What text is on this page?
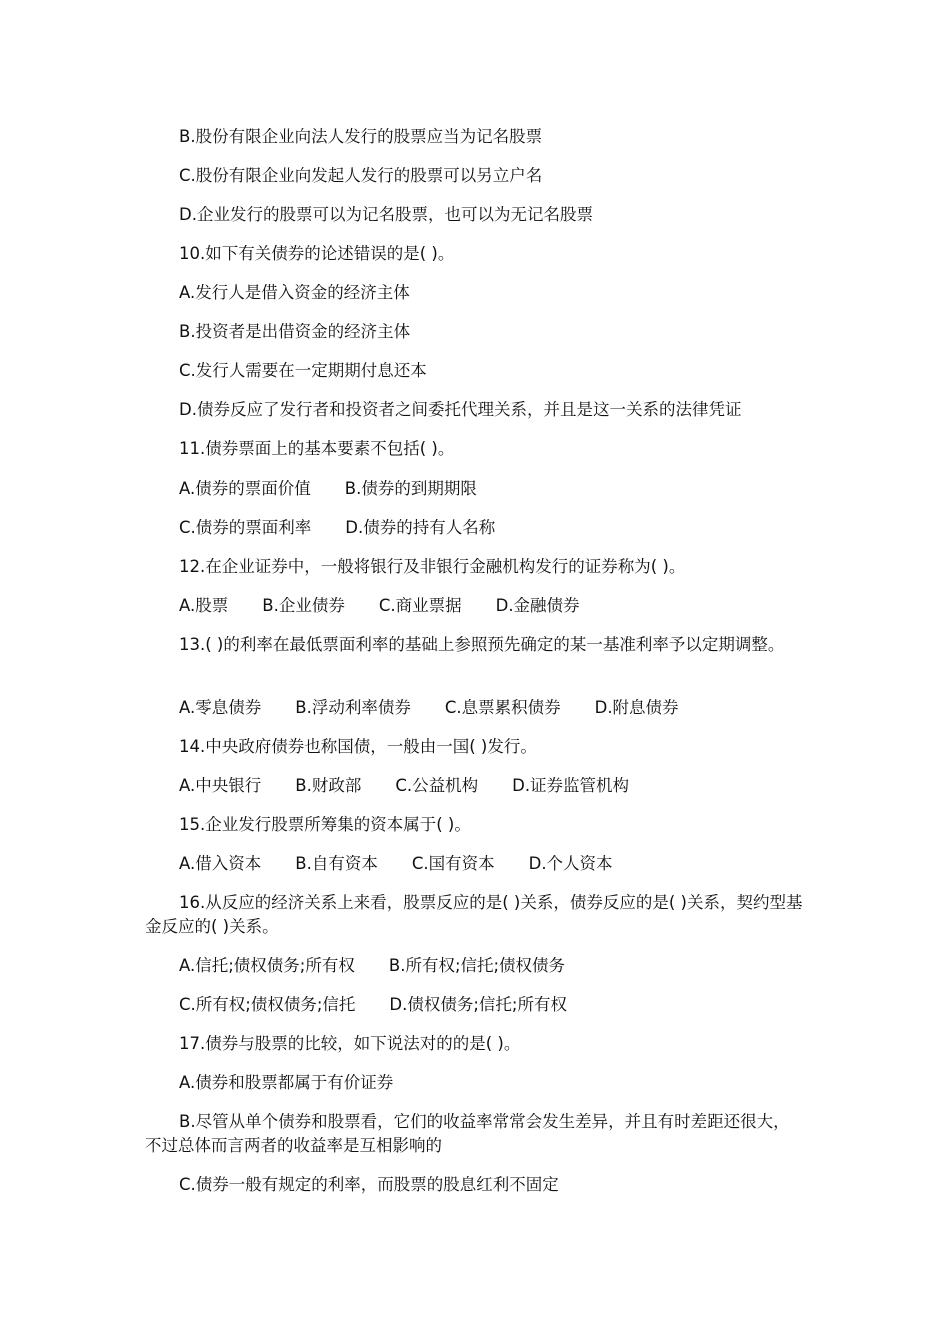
B.股份有限企业向法人发行的股票应当为记名股票
C.股份有限企业向发起人发行的股票可以另立户名
D.企业发行的股票可以为记名股票，也可以为无记名股票
10.如下有关债券的论述错误的是( )。
A.发行人是借入资金的经济主体
B.投资者是出借资金的经济主体
C.发行人需要在一定期期付息还本
D.债券反应了发行者和投资者之间委托代理关系，并且是这一关系的法律凭证
11.债券票面上的基本要素不包括( )。
A.债券的票面价值 B.债券的到期期限
C.债券的票面利率 D.债券的持有人名称
12.在企业证券中，一般将银行及非银行金融机构发行的证券称为( )。
A.股票 B.企业债券 C.商业票据 D.金融债券
13.( )的利率在最低票面利率的基础上参照预先确定的某一基准利率予以定期调整。
A.零息债券 B.浮动利率债券 C.息票累积债券 D.附息债券
14.中央政府债券也称国债，一般由一国( )发行。
A.中央银行 B.财政部 C.公益机构 D.证券监管机构
15.企业发行股票所筹集的资本属于( )。
A.借入资本 B.自有资本 C.国有资本 D.个人资本
16.从反应的经济关系上来看，股票反应的是( )关系，债券反应的是( )关系，契约型基金反应的( )关系。
A.信托;债权债务;所有权 B.所有权;信托;债权债务
C.所有权;债权债务;信托 D.债权债务;信托;所有权
17.债券与股票的比较，如下说法对的的是( )。
A.债券和股票都属于有价证券
B.尽管从单个债券和股票看，它们的收益率常常会发生差异，并且有时差距还很大，不过总体而言两者的收益率是互相影响的
C.债券一般有规定的利率，而股票的股息红利不固定
